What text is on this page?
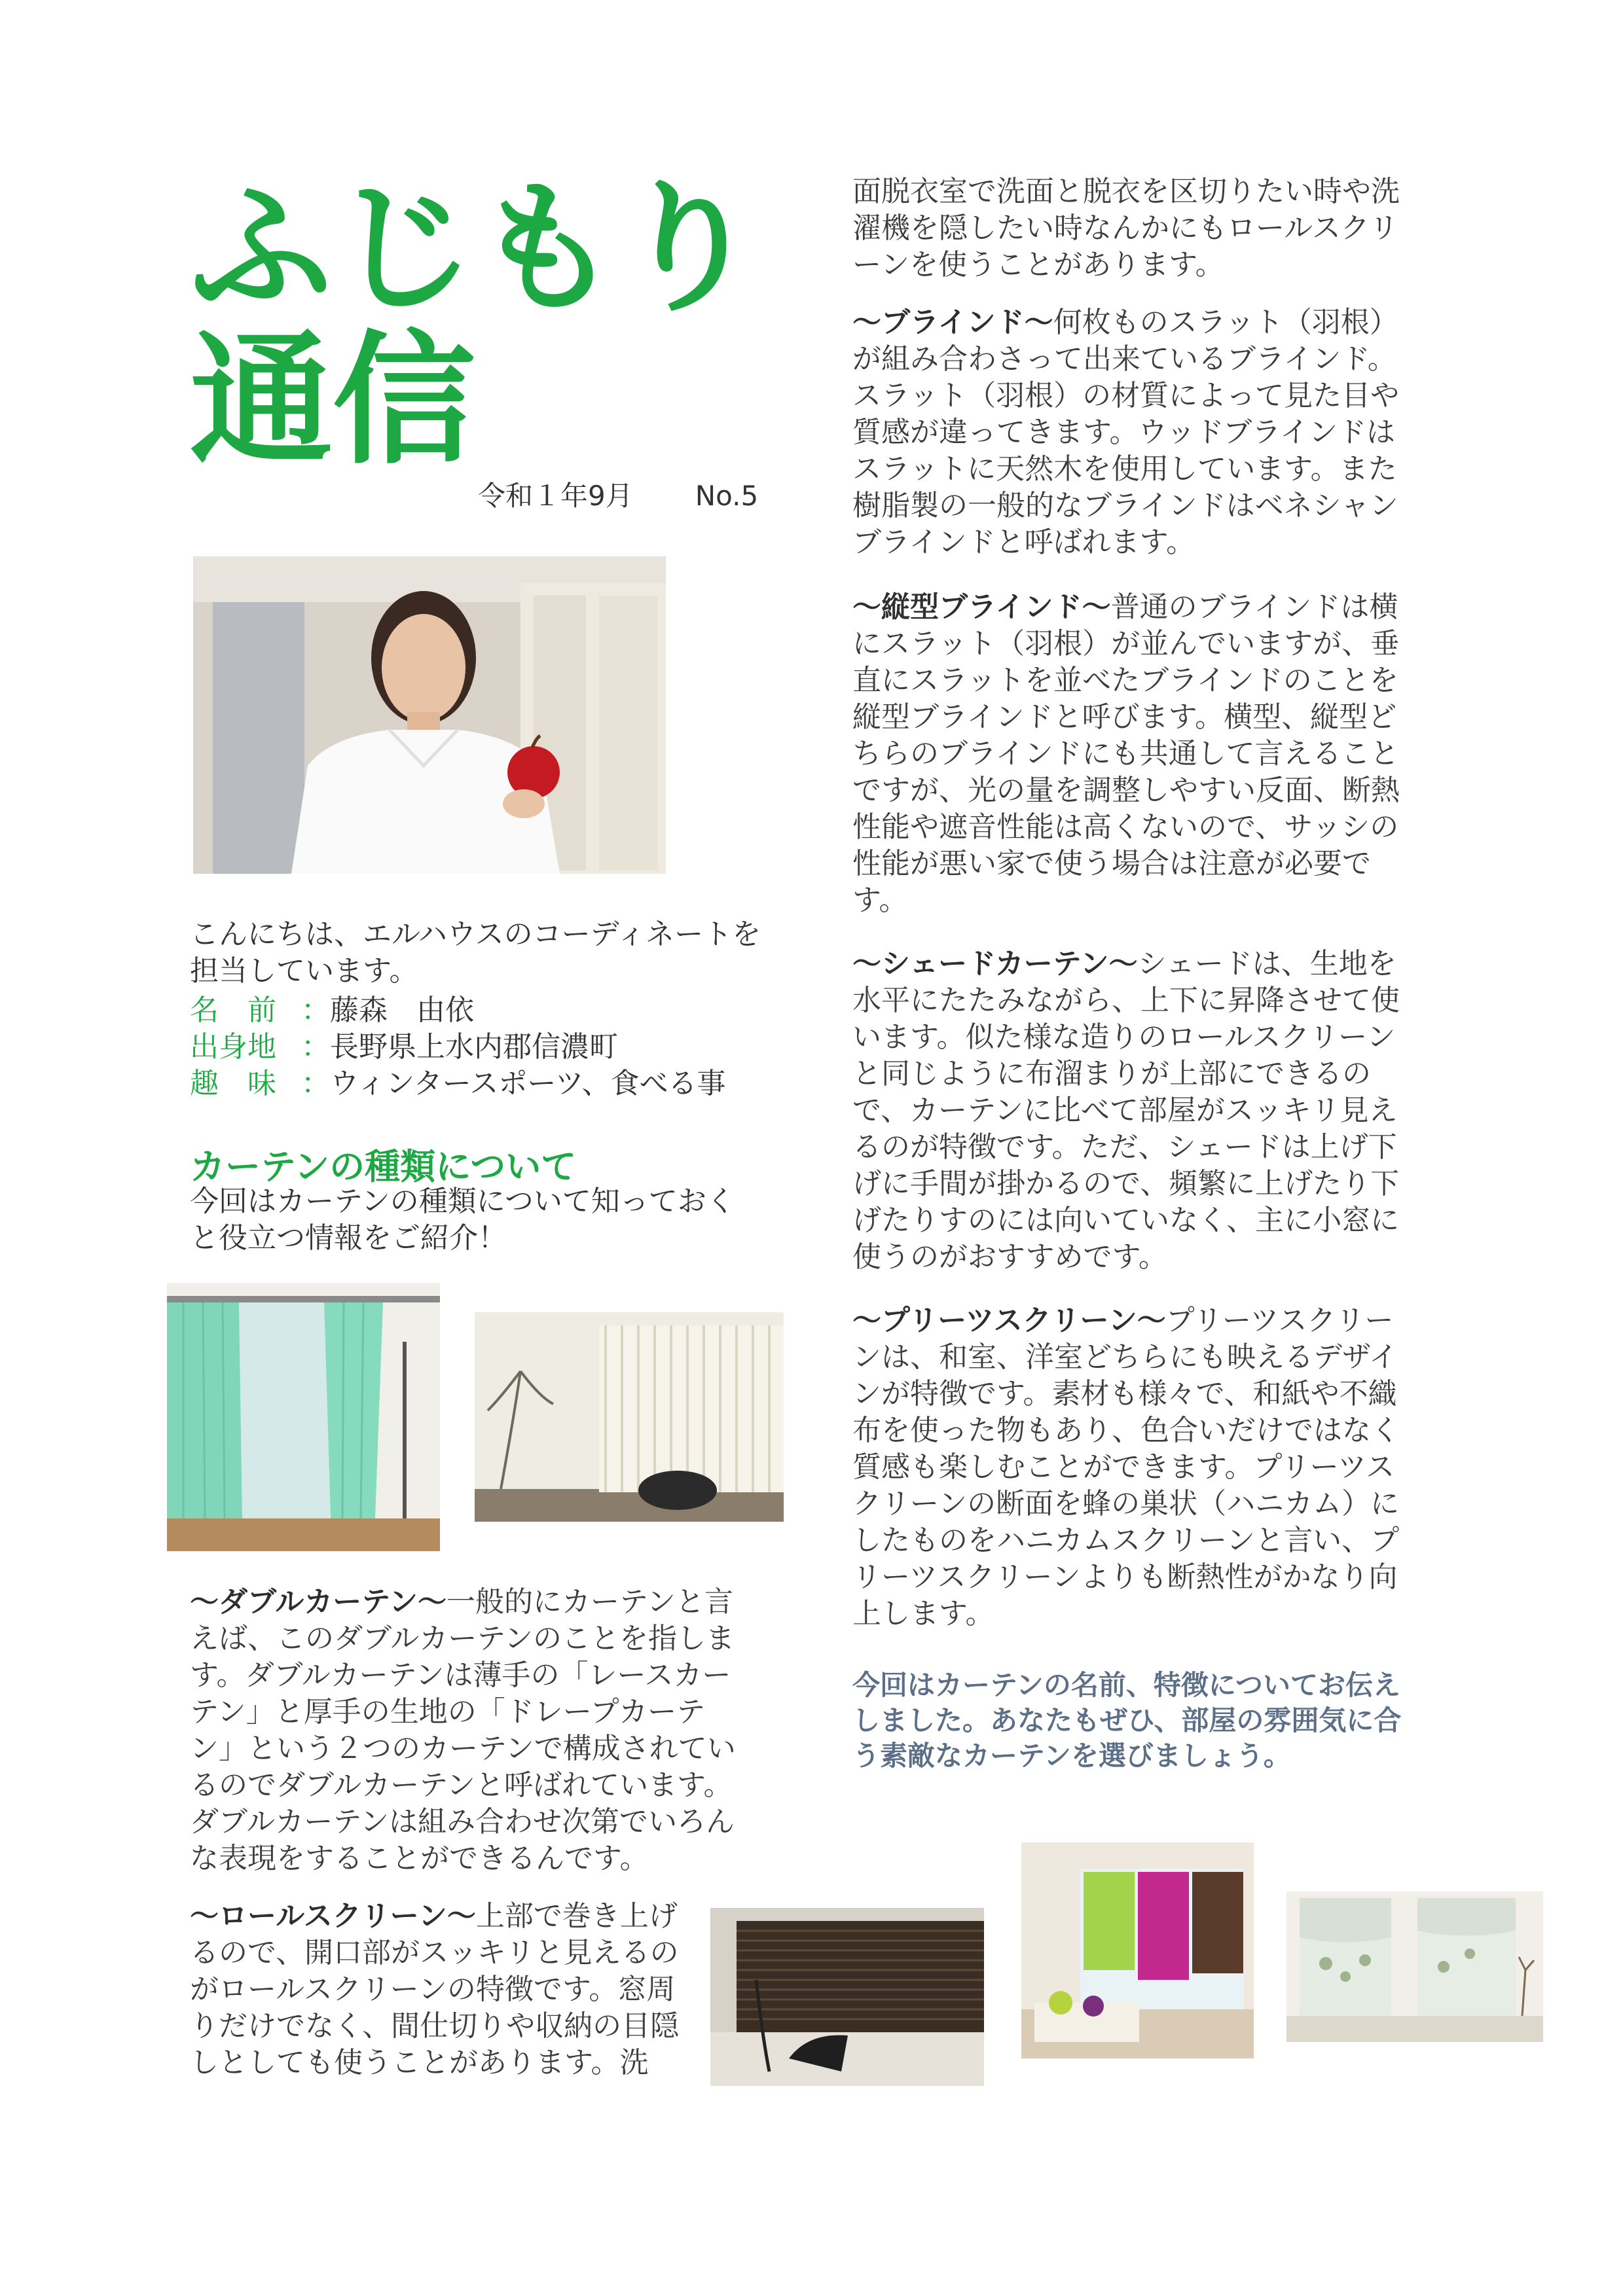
ふじもり
通信
令和１年9月 No.5
こんにちは、エルハウスのコーディネートを担当しています。
名　前 ：藤森　由依
出身地 ：長野県上水内郡信濃町
趣　味 ：ウィンタースポーツ、食べる事
カーテンの種類について
今回はカーテンの種類について知っておくと役立つ情報をご紹介！
～ダブルカーテン～一般的にカーテンと言えば、このダブルカーテンのことを指します。ダブルカーテンは薄手の「レースカーテン」と厚手の生地の「ドレープカーテン」という２つのカーテンで構成されているのでダブルカーテンと呼ばれています。ダブルカーテンは組み合わせ次第でいろんな表現をすることができるんです。
～ロールスクリーン～上部で巻き上げるので、開口部がスッキリと見えるのがロールスクリーンの特徴です。窓周りだけでなく、間仕切りや収納の目隠しとしても使うことがあります。洗
面脱衣室で洗面と脱衣を区切りたい時や洗濯機を隠したい時なんかにもロールスクリーンを使うことがあります。
～ブラインド～何枚ものスラット（羽根）が組み合わさって出来ているブラインド。スラット（羽根）の材質によって見た目や質感が違ってきます。ウッドブラインドはスラットに天然木を使用しています。また樹脂製の一般的なブラインドはベネシャンブラインドと呼ばれます。
～縦型ブラインド～普通のブラインドは横にスラット（羽根）が並んでいますが、垂直にスラットを並べたブラインドのことを縦型ブラインドと呼びます。横型、縦型どちらのブラインドにも共通して言えることですが、光の量を調整しやすい反面、断熱性能や遮音性能は高くないので、サッシの性能が悪い家で使う場合は注意が必要です。
～シェードカーテン～シェードは、生地を水平にたたみながら、上下に昇降させて使います。似た様な造りのロールスクリーンと同じように布溜まりが上部にできるので、カーテンに比べて部屋がスッキリ見えるのが特徴です。ただ、シェードは上げ下げに手間が掛かるので、頻繁に上げたり下げたりすのには向いていなく、主に小窓に使うのがおすすめです。
～プリーツスクリーン～プリーツスクリーンは、和室、洋室どちらにも映えるデザインが特徴です。素材も様々で、和紙や不織布を使った物もあり、色合いだけではなく質感も楽しむことができます。プリーツスクリーンの断面を蜂の巣状（ハニカム）にしたものをハニカムスクリーンと言い、プリーツスクリーンよりも断熱性がかなり向上します。
今回はカーテンの名前、特徴についてお伝えしました。あなたもぜひ、部屋の雰囲気に合う素敵なカーテンを選びましょう。
